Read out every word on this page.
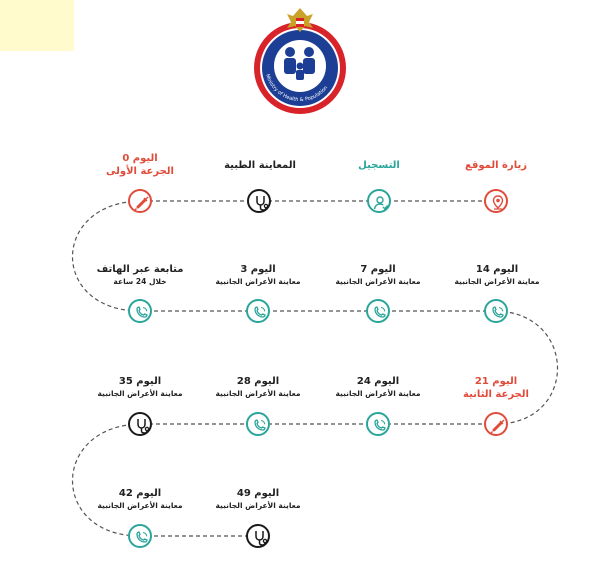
Ministry of Health & Population
زيارة الموقع
التسجيل
المعاينة الطبية
اليوم 0
الجرعة الأولى
متابعة عبر الهاتف
خلال 24 ساعة
اليوم 3
معاينة الأعراض الجانبية
اليوم 7
معاينة الأعراض الجانبية
اليوم 14
معاينة الأعراض الجانبية
اليوم 21
الجرعة الثانية
اليوم 24
معاينة الأعراض الجانبية
اليوم 28
معاينة الأعراض الجانبية
اليوم 35
معاينة الأعراض الجانبية
اليوم 42
معاينة الأعراض الجانبية
اليوم 49
معاينة الأعراض الجانبية
